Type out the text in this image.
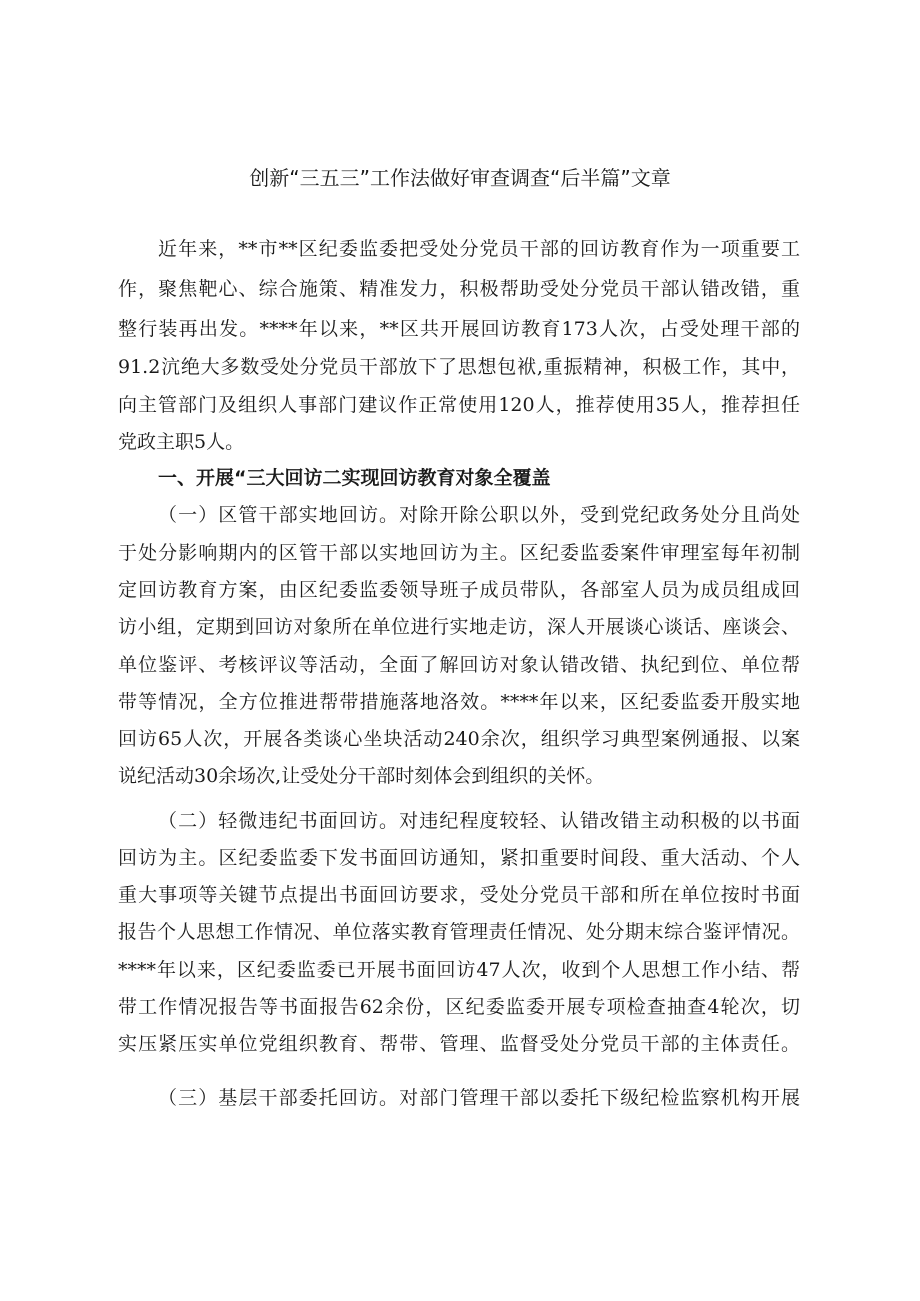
创新“三五三”工作法做好审查调查“后半篇”文章
近年来，**市**区纪委监委把受处分党员干部的回访教育作为一项重要工
作，聚焦靶心、综合施策、精准发力，积极帮助受处分党员干部认错改错，重
整行装再出发。****年以来，**区共开展回访教育173人次，占受处理干部的
91.2沆绝大多数受处分党员干部放下了思想包袱,重振精神，积极工作，其中，
向主管部门及组织人事部门建议作正常使用120人，推荐使用35人，推荐担任
党政主职5人。
一、开展“三大回访二实现回访教育对象全覆盖
（一）区管干部实地回访。对除开除公职以外，受到党纪政务处分且尚处
于处分影响期内的区管干部以实地回访为主。区纪委监委案件审理室每年初制
定回访教育方案，由区纪委监委领导班子成员带队，各部室人员为成员组成回
访小组，定期到回访对象所在单位进行实地走访，深人开展谈心谈话、座谈会、
单位鉴评、考核评议等活动，全面了解回访对象认错改错、执纪到位、单位帮
带等情况，全方位推进帮带措施落地洛效。****年以来，区纪委监委开殷实地
回访65人次，开展各类谈心坐块活动240余次，组织学习典型案例通报、以案
说纪活动30余场次,让受处分干部时刻体会到组织的关怀。
（二）轻微违纪书面回访。对违纪程度较轻、认错改错主动积极的以书面
回访为主。区纪委监委下发书面回访通知，紧扣重要时间段、重大活动、个人
重大事项等关键节点提出书面回访要求，受处分党员干部和所在单位按时书面
报告个人思想工作情况、单位落实教育管理责任情况、处分期末综合鉴评情况。
****年以来，区纪委监委已开展书面回访47人次，收到个人思想工作小结、帮
带工作情况报告等书面报告62余份，区纪委监委开展专项检查抽查4轮次，切
实压紧压实单位党组织教育、帮带、管理、监督受处分党员干部的主体责任。
（三）基层干部委托回访。对部门管理干部以委托下级纪检监察机构开展
